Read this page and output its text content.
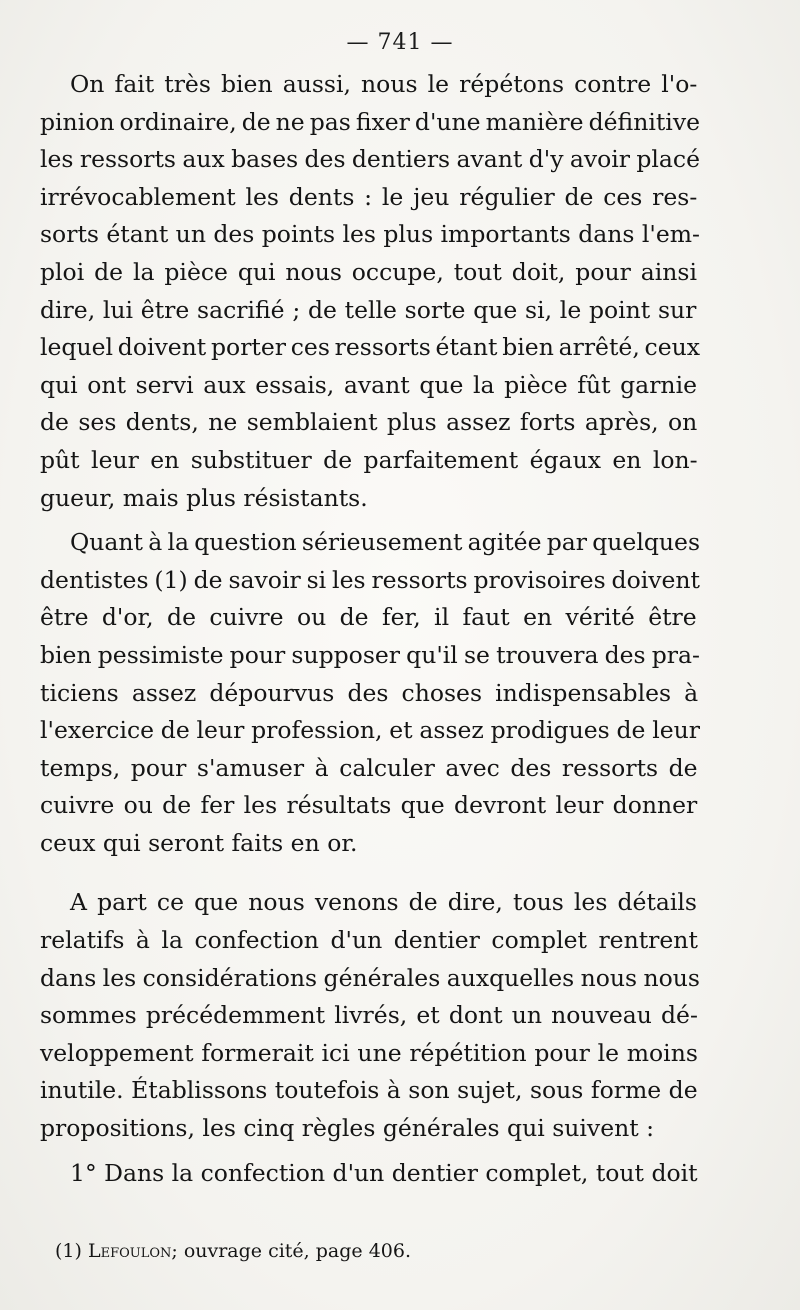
— 741 —
On fait très bien aussi, nous le répétons contre l'o-
pinion ordinaire, de ne pas fixer d'une manière définitive
les ressorts aux bases des dentiers avant d'y avoir placé
irrévocablement les dents : le jeu régulier de ces res-
sorts étant un des points les plus importants dans l'em-
ploi de la pièce qui nous occupe, tout doit, pour ainsi
dire, lui être sacrifié ; de telle sorte que si, le point sur
lequel doivent porter ces ressorts étant bien arrêté, ceux
qui ont servi aux essais, avant que la pièce fût garnie
de ses dents, ne semblaient plus assez forts après, on
pût leur en substituer de parfaitement égaux en lon-
gueur, mais plus résistants.
Quant à la question sérieusement agitée par quelques
dentistes (1) de savoir si les ressorts provisoires doivent
être d'or, de cuivre ou de fer, il faut en vérité être
bien pessimiste pour supposer qu'il se trouvera des pra-
ticiens assez dépourvus des choses indispensables à
l'exercice de leur profession, et assez prodigues de leur
temps, pour s'amuser à calculer avec des ressorts de
cuivre ou de fer les résultats que devront leur donner
ceux qui seront faits en or.
A part ce que nous venons de dire, tous les détails
relatifs à la confection d'un dentier complet rentrent
dans les considérations générales auxquelles nous nous
sommes précédemment livrés, et dont un nouveau dé-
veloppement formerait ici une répétition pour le moins
inutile. Établissons toutefois à son sujet, sous forme de
propositions, les cinq règles générales qui suivent :
1° Dans la confection d'un dentier complet, tout doit
(1) Lefoulon; ouvrage cité, page 406.
